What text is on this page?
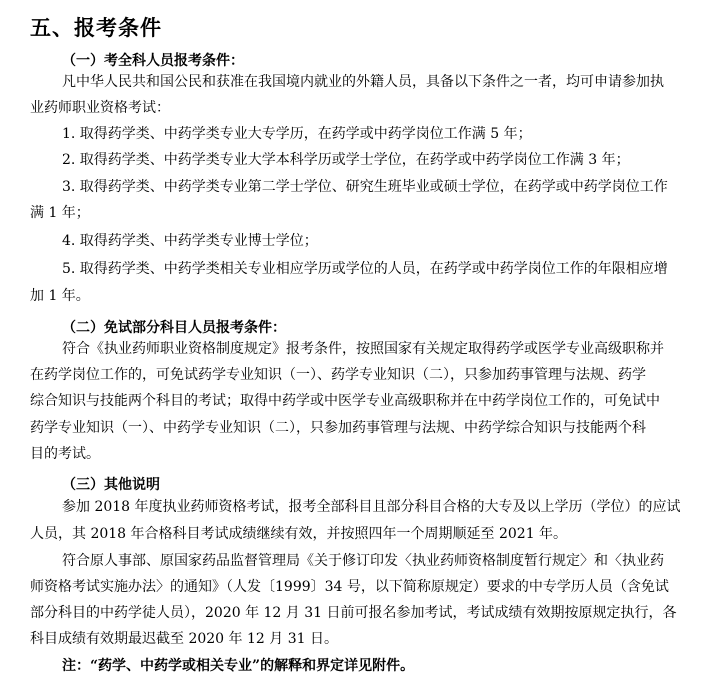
五、报考条件
（一）考全科人员报考条件：
凡中华人民共和国公民和获准在我国境内就业的外籍人员，具备以下条件之一者，均可申请参加执
业药师职业资格考试：
1. 取得药学类、中药学类专业大专学历，在药学或中药学岗位工作满 5 年；
2. 取得药学类、中药学类专业大学本科学历或学士学位，在药学或中药学岗位工作满 3 年；
3. 取得药学类、中药学类专业第二学士学位、研究生班毕业或硕士学位，在药学或中药学岗位工作
满 1 年；
4. 取得药学类、中药学类专业博士学位；
5. 取得药学类、中药学类相关专业相应学历或学位的人员，在药学或中药学岗位工作的年限相应增
加 1 年。
（二）免试部分科目人员报考条件：
符合《执业药师职业资格制度规定》报考条件，按照国家有关规定取得药学或医学专业高级职称并
在药学岗位工作的，可免试药学专业知识（一）、药学专业知识（二），只参加药事管理与法规、药学
综合知识与技能两个科目的考试；取得中药学或中医学专业高级职称并在中药学岗位工作的，可免试中
药学专业知识（一）、中药学专业知识（二），只参加药事管理与法规、中药学综合知识与技能两个科
目的考试。
（三）其他说明
参加 2018 年度执业药师资格考试，报考全部科目且部分科目合格的大专及以上学历（学位）的应试
人员，其 2018 年合格科目考试成绩继续有效，并按照四年一个周期顺延至 2021 年。
符合原人事部、原国家药品监督管理局《关于修订印发〈执业药师资格制度暂行规定〉和〈执业药
师资格考试实施办法〉的通知》（人发〔1999〕34 号，以下简称原规定）要求的中专学历人员（含免试
部分科目的中药学徒人员），2020 年 12 月 31 日前可报名参加考试，考试成绩有效期按原规定执行，各
科目成绩有效期最迟截至 2020 年 12 月 31 日。
注：“药学、中药学或相关专业”的解释和界定详见附件。
